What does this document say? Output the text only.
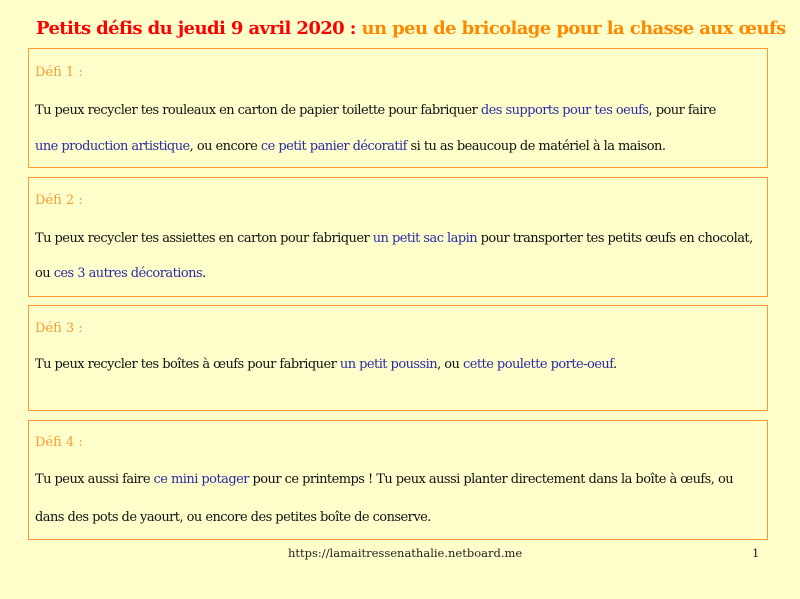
Petits défis du jeudi 9 avril 2020 : un peu de bricolage pour la chasse aux œufs
Défi 1 :
Tu peux recycler tes rouleaux en carton de papier toilette pour fabriquer des supports pour tes oeufs, pour faire
une production artistique, ou encore ce petit panier décoratif si tu as beaucoup de matériel à la maison.
Défi 2 :
Tu peux recycler tes assiettes en carton pour fabriquer un petit sac lapin pour transporter tes petits œufs en chocolat,
ou ces 3 autres décorations.
Défi 3 :
Tu peux recycler tes boîtes à œufs pour fabriquer un petit poussin, ou cette poulette porte-oeuf.
Défi 4 :
Tu peux aussi faire ce mini potager pour ce printemps ! Tu peux aussi planter directement dans la boîte à œufs, ou
dans des pots de yaourt, ou encore des petites boîte de conserve.
https://lamaitressenathalie.netboard.me	1
